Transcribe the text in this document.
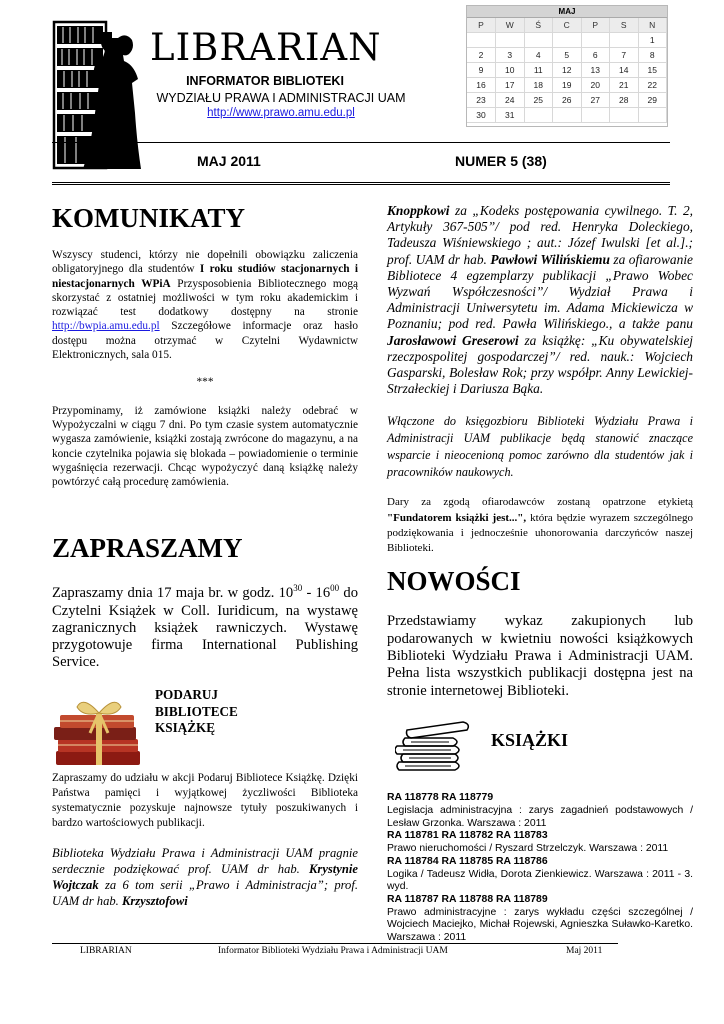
LIBRARIAN
INFORMATOR BIBLIOTEKI
WYDZIAŁU PRAWA I ADMINISTRACJI UAM
http://www.prawo.amu.edu.pl
MAJ
P	W	Ś	C	P	S	N
						1
2	3	4	5	6	7	8
9	10	11	12	13	14	15
16	17	18	19	20	21	22
23	24	25	26	27	28	29
30	31					
MAJ 2011	NUMER 5 (38)
KOMUNIKATY

Wszyscy studenci, którzy nie dopełnili obowiązku zaliczenia obligatoryjnego dla studentów I roku studiów stacjonarnych i niestacjonarnych WPiA Przysposobienia Bibliotecznego mogą skorzystać z ostatniej możliwości w tym roku akademickim i rozwiązać test dodatkowy dostępny na stronie http://bwpia.amu.edu.pl Szczegółowe informacje oraz hasło dostępu można otrzymać w Czytelni Wydawnictw Elektronicznych, sala 015.

***

Przypominamy, iż zamówione książki należy odebrać w Wypożyczalni w ciągu 7 dni. Po tym czasie system automatycznie wygasza zamówienie, książki zostają zwrócone do magazynu, a na koncie czytelnika pojawia się blokada – powiadomienie o terminie wygaśnięcia rezerwacji. Chcąc wypożyczyć daną książkę należy powtórzyć całą procedurę zamówienia.

ZAPRASZAMY

Zapraszamy dnia 17 maja br. w godz. $10^{30} - 16^{00}$ do Czytelni Książek w Coll. Iuridicum, na wystawę zagranicznych książek rawniczych. Wystawę przygotowuje firma International Publishing Service.

PODARUJ
BIBLIOTECE
KSIĄŻKĘ

Zapraszamy do udziału w akcji Podaruj Bibliotece Książkę. Dzięki Państwa pamięci i wyjątkowej życzliwości Biblioteka systematycznie pozyskuje najnowsze tytuły poszukiwanych i bardzo wartościowych publikacji.

Biblioteka Wydziału Prawa i Administracji UAM pragnie serdecznie podziękować prof. UAM dr hab. Krystynie Wojtczak za 6 tom serii „Prawo i Administracja”; prof. UAM dr hab. Krzysztofowi

Knoppkowi za „Kodeks postępowania cywilnego. T. 2, Artykuły 367-505”/ pod red. Henryka Doleckiego, Tadeusza Wiśniewskiego ; aut.: Józef Iwulski [et al.].; prof. UAM dr hab. Pawłowi Wilińskiemu za ofiarowanie Bibliotece 4 egzemplarzy publikacji „Prawo Wobec Wyzwań Współczesności”/ Wydział Prawa i Administracji Uniwersytetu im. Adama Mickiewicza w Poznaniu; pod red. Pawła Wilińskiego., a także panu Jarosławowi Greserowi za książkę: „Ku obywatelskiej rzeczpospolitej gospodarczej”/ red. nauk.: Wojciech Gasparski, Bolesław Rok; przy współpr. Anny Lewickiej-Strzałeckiej i Dariusza Bąka.

Włączone do księgozbioru Biblioteki Wydziału Prawa i Administracji UAM publikacje będą stanowić znaczące wsparcie i nieocenioną pomoc zarówno dla studentów jak i pracowników naukowych.

Dary za zgodą ofiarodawców zostaną opatrzone etykietą "Fundatorem książki jest...", która będzie wyrazem szczególnego podziękowania i jednocześnie uhonorowania darczyńców naszej Biblioteki.

NOWOŚCI

Przedstawiamy wykaz zakupionych lub podarowanych w kwietniu nowości książkowych Biblioteki Wydziału Prawa i Administracji UAM. Pełna lista wszystkich publikacji dostępna jest na stronie internetowej Biblioteki.

KSIĄŻKI
RA 118778 RA 118779
Legislacja administracyjna : zarys zagadnień podstawowych / Lesław Grzonka. Warszawa : 2011
RA 118781 RA 118782 RA 118783
Prawo nieruchomości / Ryszard Strzelczyk. Warszawa : 2011
RA 118784 RA 118785 RA 118786
Logika / Tadeusz Widła, Dorota Zienkiewicz. Warszawa : 2011 - 3. wyd.
RA 118787 RA 118788 RA 118789
Prawo administracyjne : zarys wykładu części szczególnej / Wojciech Maciejko, Michał Rojewski, Agnieszka Suławko-Karetko. Warszawa : 2011
LIBRARIAN	Informator Biblioteki Wydziału Prawa i Administracji UAM	Maj 2011
